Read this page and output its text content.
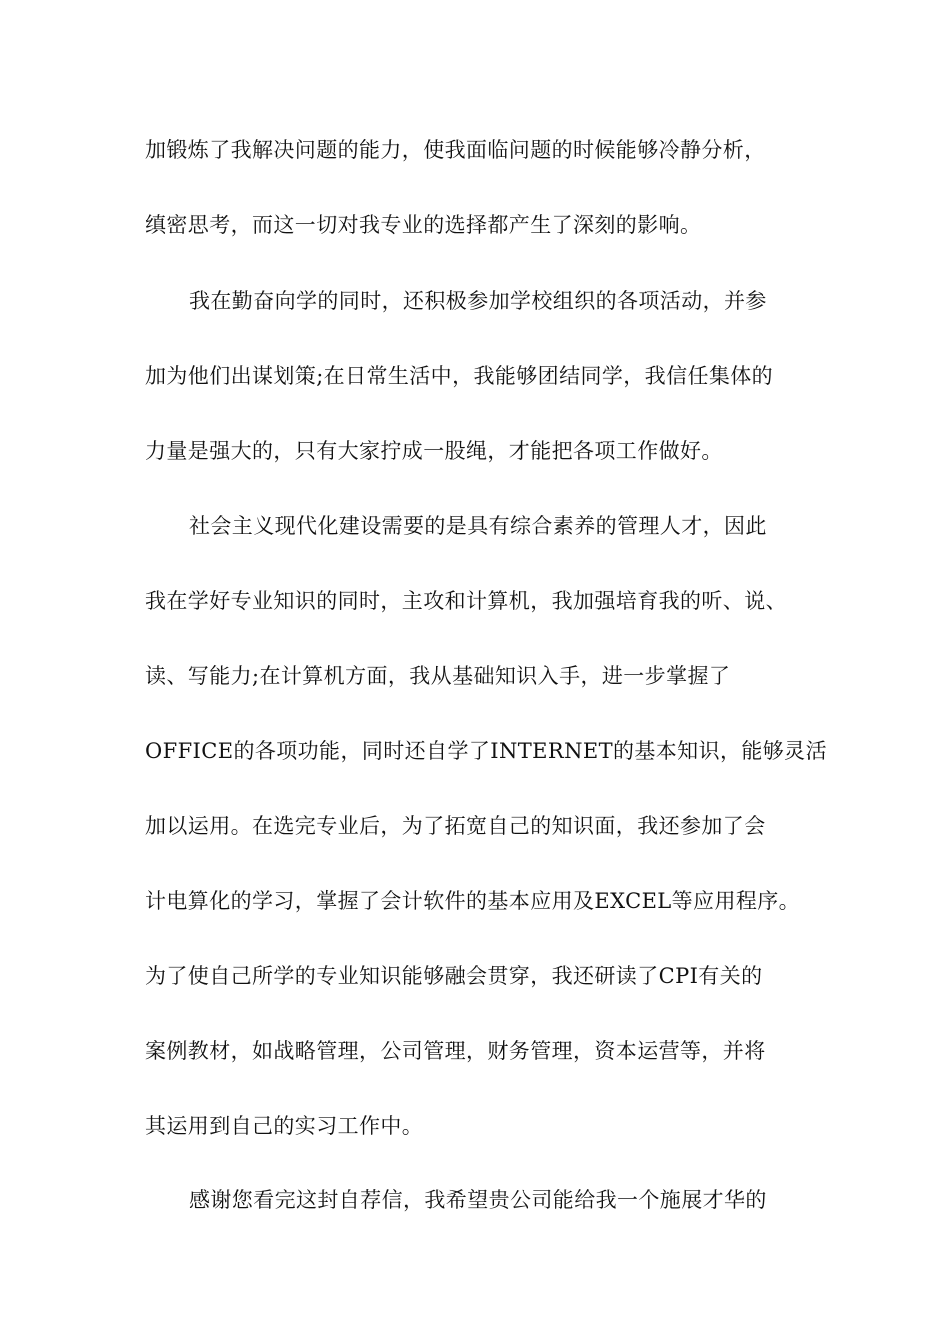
加锻炼了我解决问题的能力，使我面临问题的时候能够冷静分析，

缜密思考，而这一切对我专业的选择都产生了深刻的影响。

我在勤奋向学的同时，还积极参加学校组织的各项活动，并参

加为他们出谋划策;在日常生活中，我能够团结同学，我信任集体的

力量是强大的，只有大家拧成一股绳，才能把各项工作做好。

社会主义现代化建设需要的是具有综合素养的管理人才，因此

我在学好专业知识的同时，主攻和计算机，我加强培育我的听、说、

读、写能力;在计算机方面，我从基础知识入手，进一步掌握了

OFFICE的各项功能，同时还自学了INTERNET的基本知识，能够灵活

加以运用。在选完专业后，为了拓宽自己的知识面，我还参加了会

计电算化的学习，掌握了会计软件的基本应用及EXCEL等应用程序。

为了使自己所学的专业知识能够融会贯穿，我还研读了CPI有关的

案例教材，如战略管理，公司管理，财务管理，资本运营等，并将

其运用到自己的实习工作中。

感谢您看完这封自荐信，我希望贵公司能给我一个施展才华的
